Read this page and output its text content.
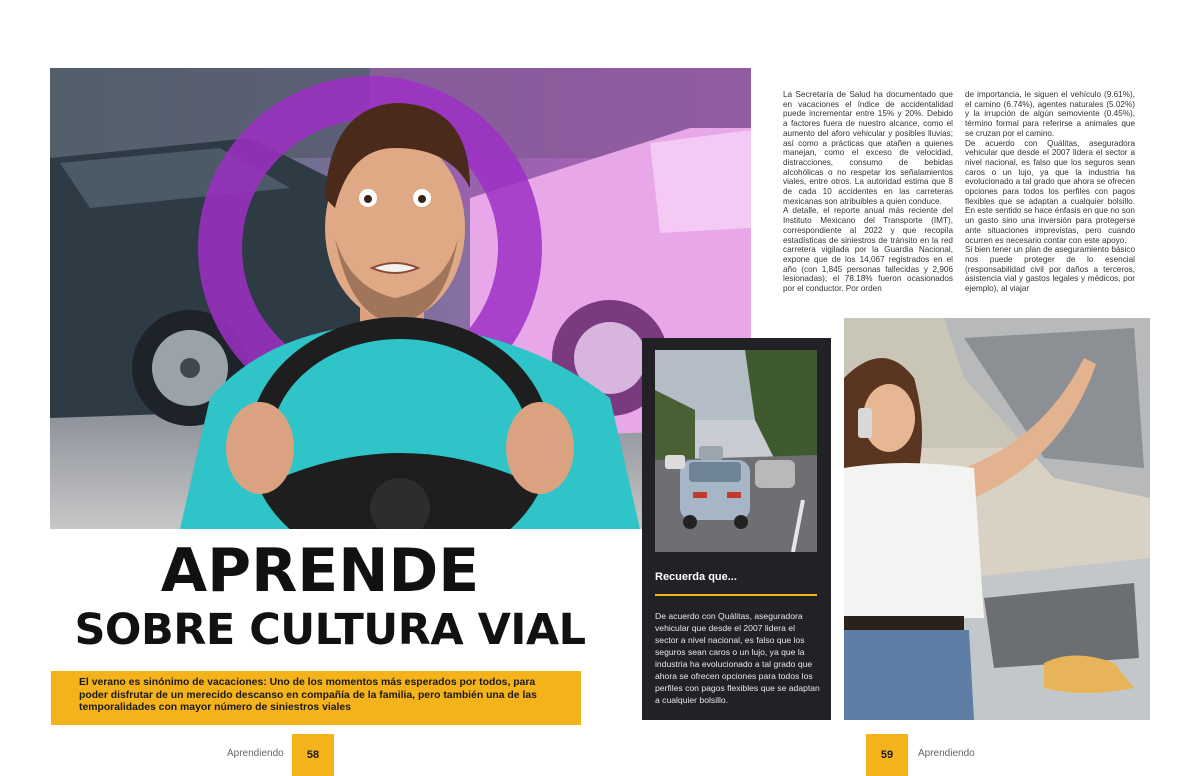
APRENDE
SOBRE CULTURA VIAL
El verano es sinónimo de vacaciones: Uno de los momentos más esperados por todos, para poder disfrutar de un merecido descanso en compañía de la familia, pero también una de las temporalidades con mayor número de siniestros viales

La Secretaría de Salud ha documentado que en vacaciones el índice de accidentalidad puede incrementar entre 15% y 20%. Debido a factores fuera de nuestro alcance, como el aumento del aforo vehicular y posibles lluvias; así como a prácticas que atañen a quienes manejan, como el exceso de velocidad, distracciones, consumo de bebidas alcohólicas o no respetar los señalamientos viales, entre otros. La autoridad estima que 8 de cada 10 accidentes en las carreteras mexicanas son atribuibles a quien conduce.

A detalle, el reporte anual más reciente del Instituto Mexicano del Transporte (IMT), correspondiente al 2022 y que recopila estadísticas de siniestros de tránsito en la red carretera vigilada por la Guardia Nacional, expone que de los 14,067 registrados en el año (con 1,845 personas fallecidas y 2,906 lesionadas); el 78.18% fueron ocasionados por el conductor. Por orden

de importancia, le siguen el vehículo (9.61%), el camino (6.74%), agentes naturales (5.02%) y la irrupción de algún semoviente (0.45%), término formal para referirse a animales que se cruzan por el camino.

De acuerdo con Quálitas, aseguradora vehicular que desde el 2007 lidera el sector a nivel nacional, es falso que los seguros sean caros o un lujo, ya que la industria ha evolucionado a tal grado que ahora se ofrecen opciones para todos los perfiles con pagos flexibles que se adaptan a cualquier bolsillo. En este sentido se hace énfasis en que no son un gasto sino una inversión para protegerse ante situaciones imprevistas, pero cuando ocurren es necesario contar con este apoyo.

Si bien tener un plan de aseguramiento básico nos puede proteger de lo esencial (responsabilidad civil por daños a terceros, asistencia vial y gastos legales y médicos, por ejemplo), al viajar

Recuerda que...
De acuerdo con Quálitas, aseguradora vehicular que desde el 2007 lidera el sector a nivel nacional, es falso que los seguros sean caros o un lujo, ya que la industria ha evolucionado a tal grado que ahora se ofrecen opciones para todos los perfiles con pagos flexibles que se adaptan a cualquier bolsillo.
Aprendiendo	58	59	Aprendiendo
